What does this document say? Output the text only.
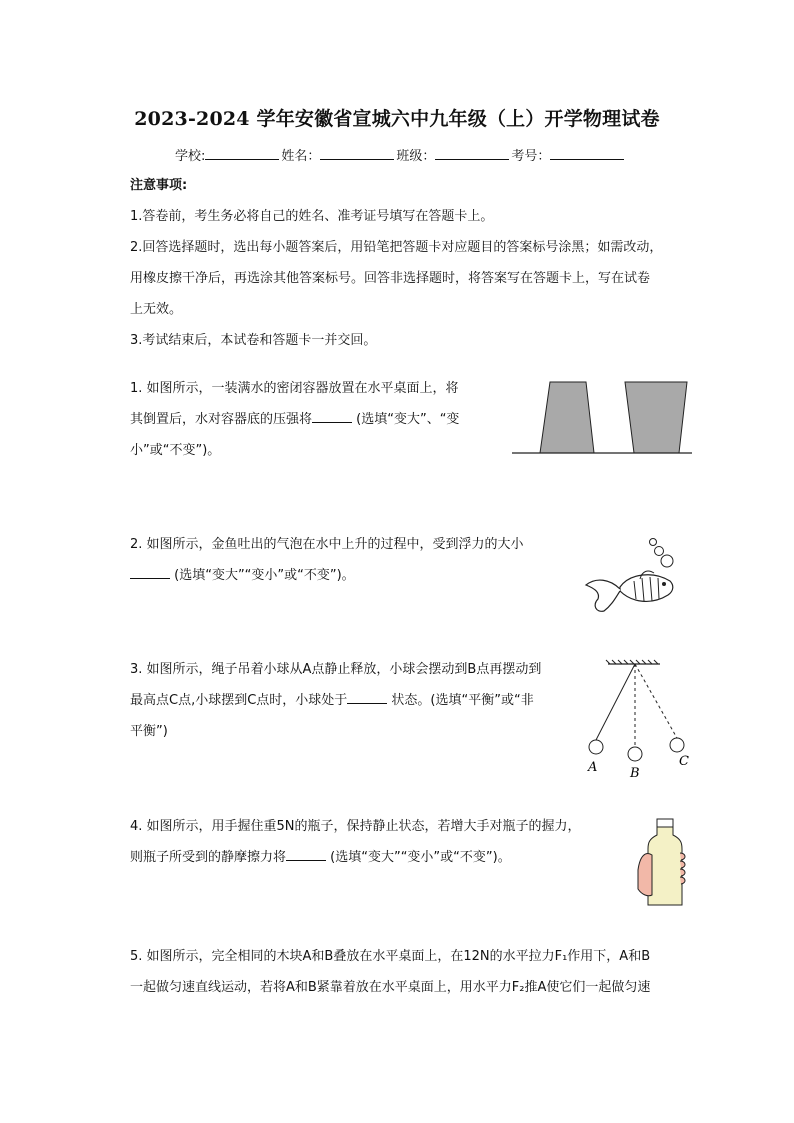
2023-2024 学年安徽省宣城六中九年级（上）开学物理试卷
学校:	姓名：	班级：	考号：
注意事项:
1.答卷前，考生务必将自己的姓名、准考证号填写在答题卡上。
2.回答选择题时，选出每小题答案后，用铅笔把答题卡对应题目的答案标号涂黑；如需改动，
用橡皮擦干净后，再选涂其他答案标号。回答非选择题时，将答案写在答题卡上，写在试卷
上无效。
3.考试结束后，本试卷和答题卡一并交回。
1. 如图所示，一装满水的密闭容器放置在水平桌面上，将
其倒置后，水对容器底的压强将	(选填“变大”、“变
小”或“不变”)。
2. 如图所示，金鱼吐出的气泡在水中上升的过程中，受到浮力的大小
(选填“变大”“变小”或“不变”)。
3. 如图所示，绳子吊着小球从A点静止释放，小球会摆动到B点再摆动到
最高点C点,小球摆到C点时，小球处于	状态。(选填“平衡”或“非
平衡”)
A	B
C
4. 如图所示，用手握住重5N的瓶子，保持静止状态，若增大手对瓶子的握力，
则瓶子所受到的静摩擦力将	(选填“变大”“变小”或“不变”)。
5. 如图所示，完全相同的木块A和B叠放在水平桌面上，在12N的水平拉力F₁作用下，A和B
一起做匀速直线运动，若将A和B紧靠着放在水平桌面上，用水平力F₂推A使它们一起做匀速
